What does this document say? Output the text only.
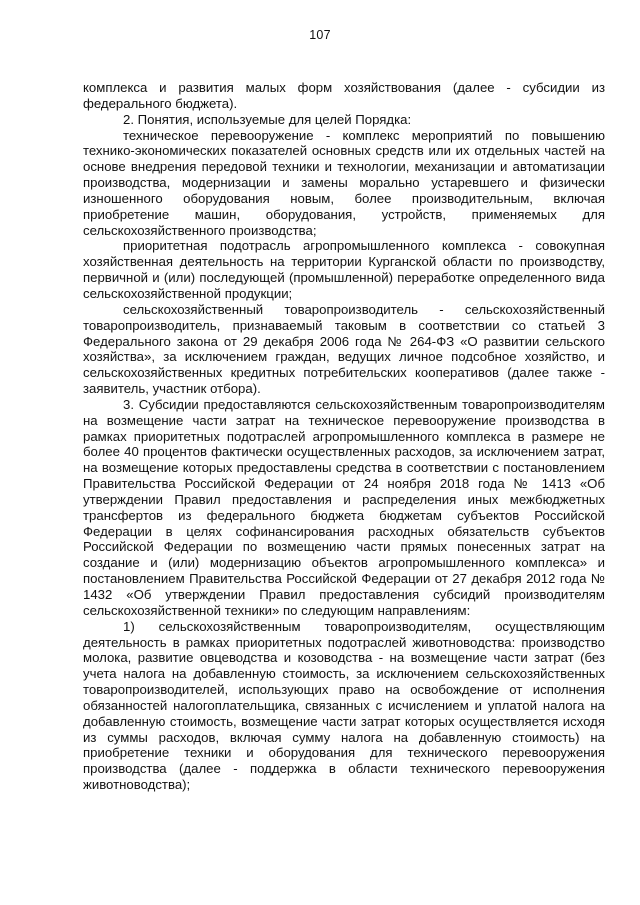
107

комплекса и развития малых форм хозяйствования (далее - субсидии из федерального бюджета).

2. Понятия, используемые для целей Порядка:

техническое перевооружение - комплекс мероприятий по повышению технико-экономических показателей основных средств или их отдельных частей на основе внедрения передовой техники и технологии, механизации и автоматизации производства, модернизации и замены морально устаревшего и физически изношенного оборудования новым, более производительным, включая приобретение машин, оборудования, устройств, применяемых для сельскохозяйственного производства;

приоритетная подотрасль агропромышленного комплекса - совокупная хозяйственная деятельность на территории Курганской области по производству, первичной и (или) последующей (промышленной) переработке определенного вида сельскохозяйственной продукции;

сельскохозяйственный товаропроизводитель - сельскохозяйственный товаропроизводитель, признаваемый таковым в соответствии со статьей 3 Федерального закона от 29 декабря 2006 года № 264-ФЗ «О развитии сельского хозяйства», за исключением граждан, ведущих личное подсобное хозяйство, и сельскохозяйственных кредитных потребительских кооперативов (далее также - заявитель, участник отбора).

3. Субсидии предоставляются сельскохозяйственным товаропроизводителям на возмещение части затрат на техническое перевооружение производства в рамках приоритетных подотраслей агропромышленного комплекса в размере не более 40 процентов фактически осуществленных расходов, за исключением затрат, на возмещение которых предоставлены средства в соответствии с постановлением Правительства Российской Федерации от 24 ноября 2018 года № 1413 «Об утверждении Правил предоставления и распределения иных межбюджетных трансфертов из федерального бюджета бюджетам субъектов Российской Федерации в целях софинансирования расходных обязательств субъектов Российской Федерации по возмещению части прямых понесенных затрат на создание и (или) модернизацию объектов агропромышленного комплекса» и постановлением Правительства Российской Федерации от 27 декабря 2012 года № 1432 «Об утверждении Правил предоставления субсидий производителям сельскохозяйственной техники» по следующим направлениям:

1) сельскохозяйственным товаропроизводителям, осуществляющим деятельность в рамках приоритетных подотраслей животноводства: производство молока, развитие овцеводства и козоводства - на возмещение части затрат (без учета налога на добавленную стоимость, за исключением сельскохозяйственных товаропроизводителей, использующих право на освобождение от исполнения обязанностей налогоплательщика, связанных с исчислением и уплатой налога на добавленную стоимость, возмещение части затрат которых осуществляется исходя из суммы расходов, включая сумму налога на добавленную стоимость) на приобретение техники и оборудования для технического перевооружения производства (далее - поддержка в области технического перевооружения животноводства);
